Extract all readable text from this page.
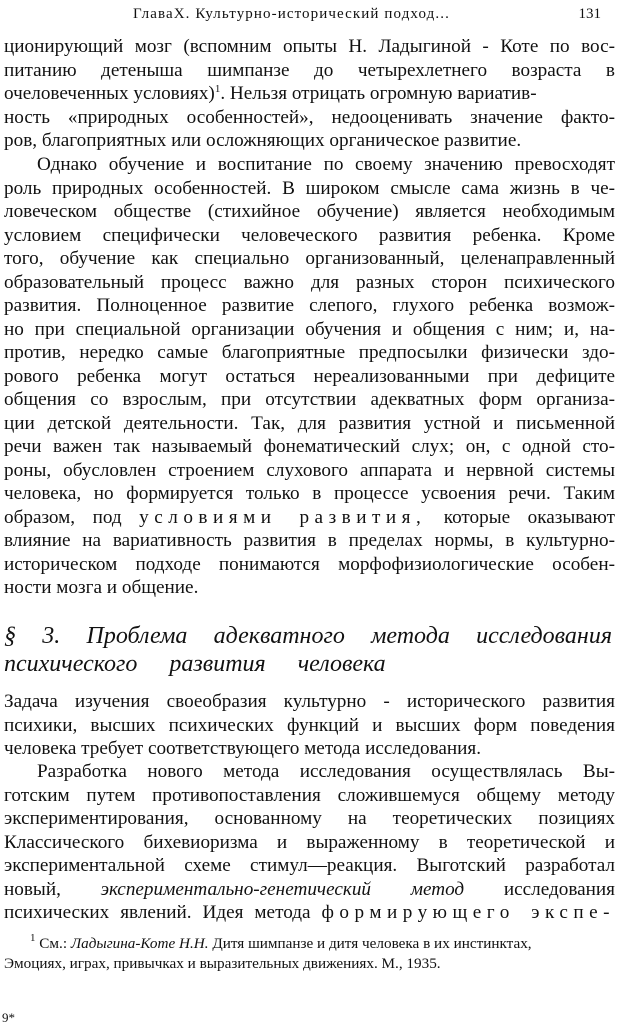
ГлаваХ. Культурно-исторический подход...	131
ционирующий мозг (вспомним опыты Н. Ладыгиной - Коте по вос-
питанию детеныша шимпанзе до четырехлетнего возраста в
очеловеченных условиях)$^1$. Нельзя отрицать огромную вариатив-
ность «природных особенностей», недооценивать значение факто-
ров, благоприятных или осложняющих органическое развитие.
Однако обучение и воспитание по своему значению превосходят
роль природных особенностей. В широком смысле сама жизнь в че-
ловеческом обществе (стихийное обучение) является необходимым
условием специфически человеческого развития ребенка. Кроме
того, обучение как специально организованный, целенаправленный
образовательный процесс важно для разных сторон психического
развития. Полноценное развитие слепого, глухого ребенка возмож-
но при специальной организации обучения и общения с ним; и, на-
против, нередко самые благоприятные предпосылки физически здо-
рового ребенка могут остаться нереализованными при дефиците
общения со взрослым, при отсутствии адекватных форм организа-
ции детской деятельности. Так, для развития устной и письменной
речи важен так называемый фонематический слух; он, с одной сто-
роны, обусловлен строением слухового аппарата и нервной системы
человека, но формируется только в процессе усвоения речи. Таким
образом, под условиями развития, которые оказывают
влияние на вариативность развития в пределах нормы, в культурно-
историческом подходе понимаются морфофизиологические особен-
ности мозга и общение.
§ 3. Проблема адекватного метода исследования
психического развития человека
Задача изучения своеобразия культурно - исторического развития
психики, высших психических функций и высших форм поведения
человека требует соответствующего метода исследования.
Разработка нового метода исследования осуществлялась Вы-
готским путем противопоставления сложившемуся общему методу
экспериментирования, основанному на теоретических позициях
Классического бихевиоризма и выраженному в теоретической и
экспериментальной схеме стимул—реакция. Выготский разработал
новый, экспериментально-генетический метод исследования
психических явлений. Идея метода формирующего экспе-
$^1$ См.: Ладыгина-Коте Н.Н. Дитя шимпанзе и дитя человека в их инстинктах,
Эмоциях, играх, привычках и выразительных движениях. М., 1935.
9*
